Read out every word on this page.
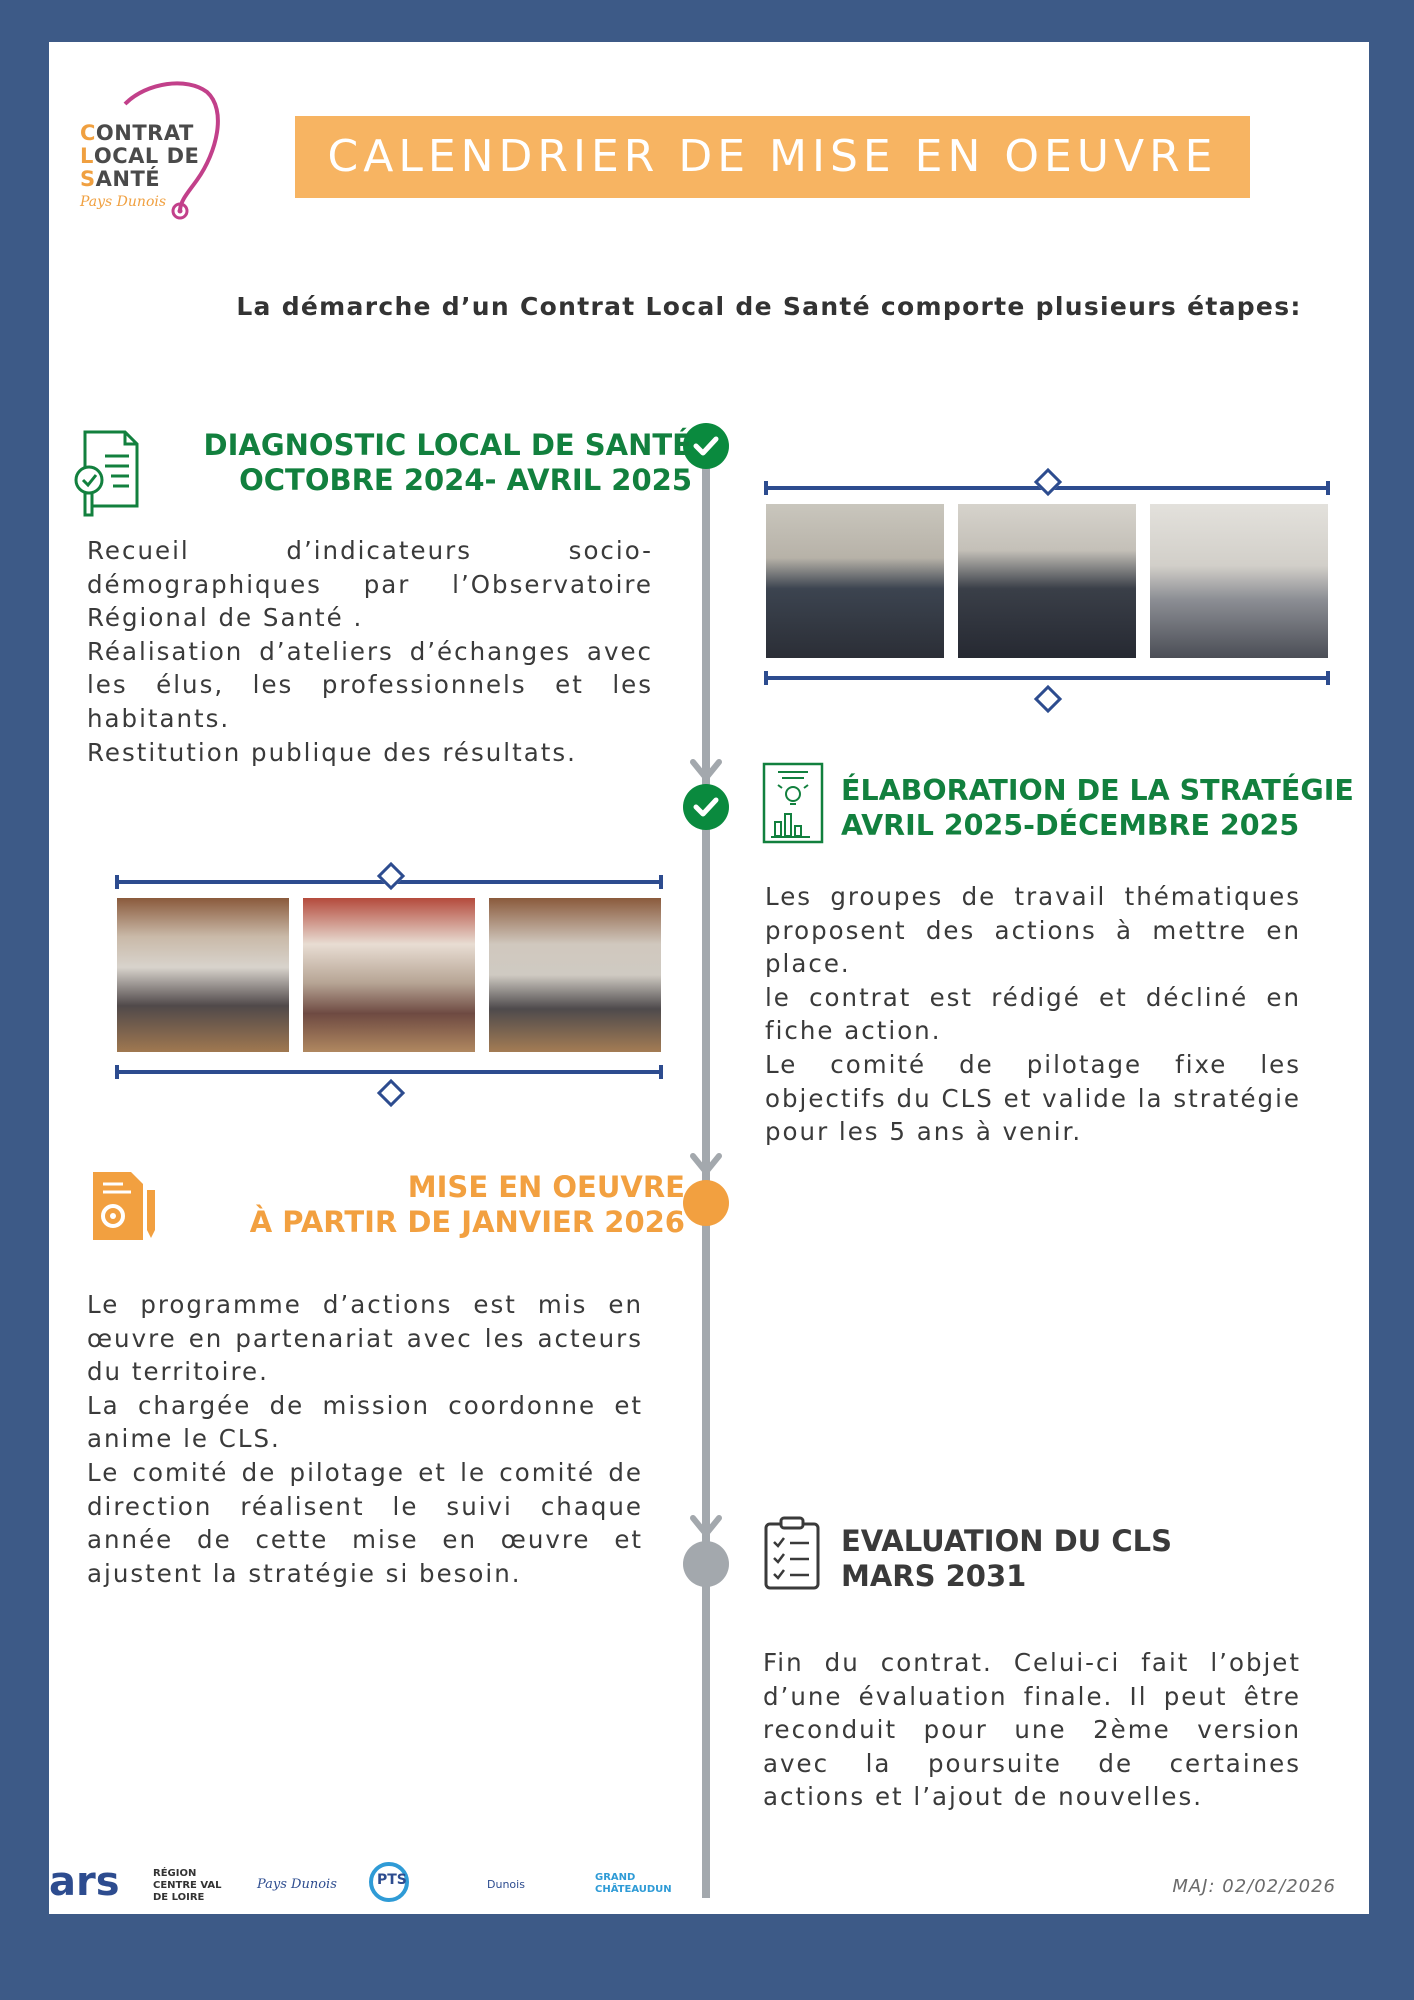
CONTRAT
LOCAL DE
SANTÉ
Pays Dunois
CALENDRIER DE MISE EN OEUVRE
La démarche d’un Contrat Local de Santé comporte plusieurs étapes:
DIAGNOSTIC LOCAL DE SANTÉ
OCTOBRE 2024- AVRIL 2025

Recueil d’indicateurs socio-démographiques par l’Observatoire Régional de Santé .

Réalisation d’ateliers d’échanges avec les élus, les professionnels et les habitants.

Restitution publique des résultats.

ÉLABORATION DE LA STRATÉGIE
AVRIL 2025-DÉCEMBRE 2025

Les groupes de travail thématiques proposent des actions à mettre en place.

le contrat est rédigé et décliné en fiche action.

Le comité de pilotage fixe les objectifs du CLS et valide la stratégie pour les 5 ans à venir.

MISE EN OEUVRE
À PARTIR DE JANVIER 2026

Le programme d’actions est mis en œuvre en partenariat avec les acteurs du territoire.

La chargée de mission coordonne et anime le CLS.

Le comité de pilotage et le comité de direction réalisent le suivi chaque année de cette mise en œuvre et ajustent la stratégie si besoin.

EVALUATION DU CLS
MARS 2031

Fin du contrat. Celui-ci fait l’objet d’une évaluation finale. Il peut être reconduit pour une 2ème version avec la poursuite de certaines actions et l’ajout de nouvelles.

ars	RÉGION CENTRE VAL DE LOIRE
Pays Dunois	PTS	Dunois
GRAND CHÂTEAUDUN	MAJ: 02/02/2026
